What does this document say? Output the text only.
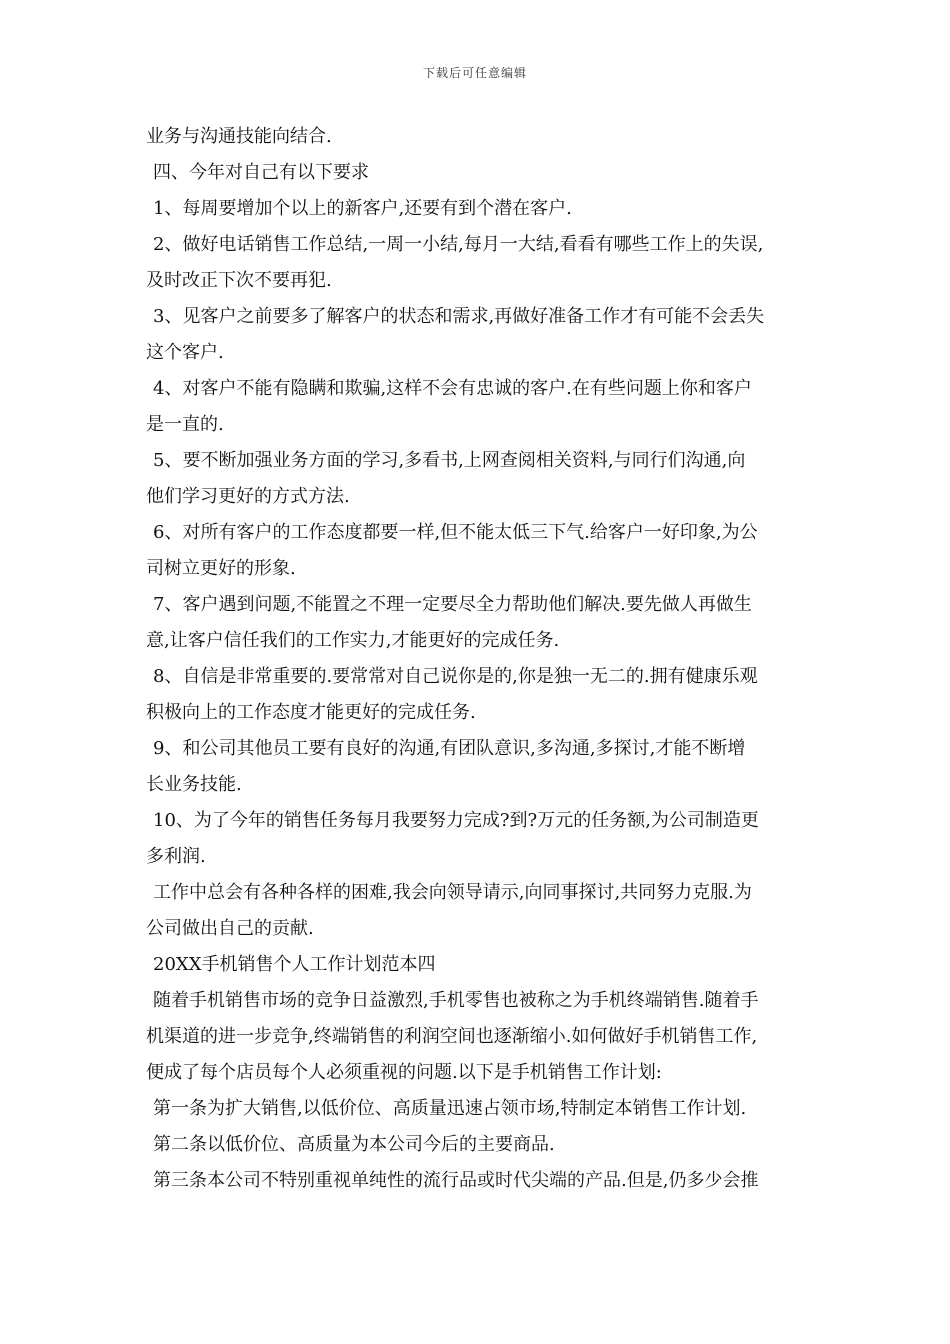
下载后可任意编辑
业务与沟通技能向结合.
四、今年对自己有以下要求
1、每周要增加个以上的新客户,还要有到个潜在客户.
2、做好电话销售工作总结,一周一小结,每月一大结,看看有哪些工作上的失误,
及时改正下次不要再犯.
3、见客户之前要多了解客户的状态和需求,再做好准备工作才有可能不会丢失
这个客户.
4、对客户不能有隐瞒和欺骗,这样不会有忠诚的客户.在有些问题上你和客户
是一直的.
5、要不断加强业务方面的学习,多看书,上网查阅相关资料,与同行们沟通,向
他们学习更好的方式方法.
6、对所有客户的工作态度都要一样,但不能太低三下气.给客户一好印象,为公
司树立更好的形象.
7、客户遇到问题,不能置之不理一定要尽全力帮助他们解决.要先做人再做生
意,让客户信任我们的工作实力,才能更好的完成任务.
8、自信是非常重要的.要常常对自己说你是的,你是独一无二的.拥有健康乐观
积极向上的工作态度才能更好的完成任务.
9、和公司其他员工要有良好的沟通,有团队意识,多沟通,多探讨,才能不断增
长业务技能.
10、为了今年的销售任务每月我要努力完成?到?万元的任务额,为公司制造更
多利润.
工作中总会有各种各样的困难,我会向领导请示,向同事探讨,共同努力克服.为
公司做出自己的贡献.
20XX手机销售个人工作计划范本四
随着手机销售市场的竞争日益激烈,手机零售也被称之为手机终端销售.随着手
机渠道的进一步竞争,终端销售的利润空间也逐渐缩小.如何做好手机销售工作,
便成了每个店员每个人必须重视的问题.以下是手机销售工作计划:
第一条为扩大销售,以低价位、高质量迅速占领市场,特制定本销售工作计划.
第二条以低价位、高质量为本公司今后的主要商品.
第三条本公司不特别重视单纯性的流行品或时代尖端的产品.但是,仍多少会推
